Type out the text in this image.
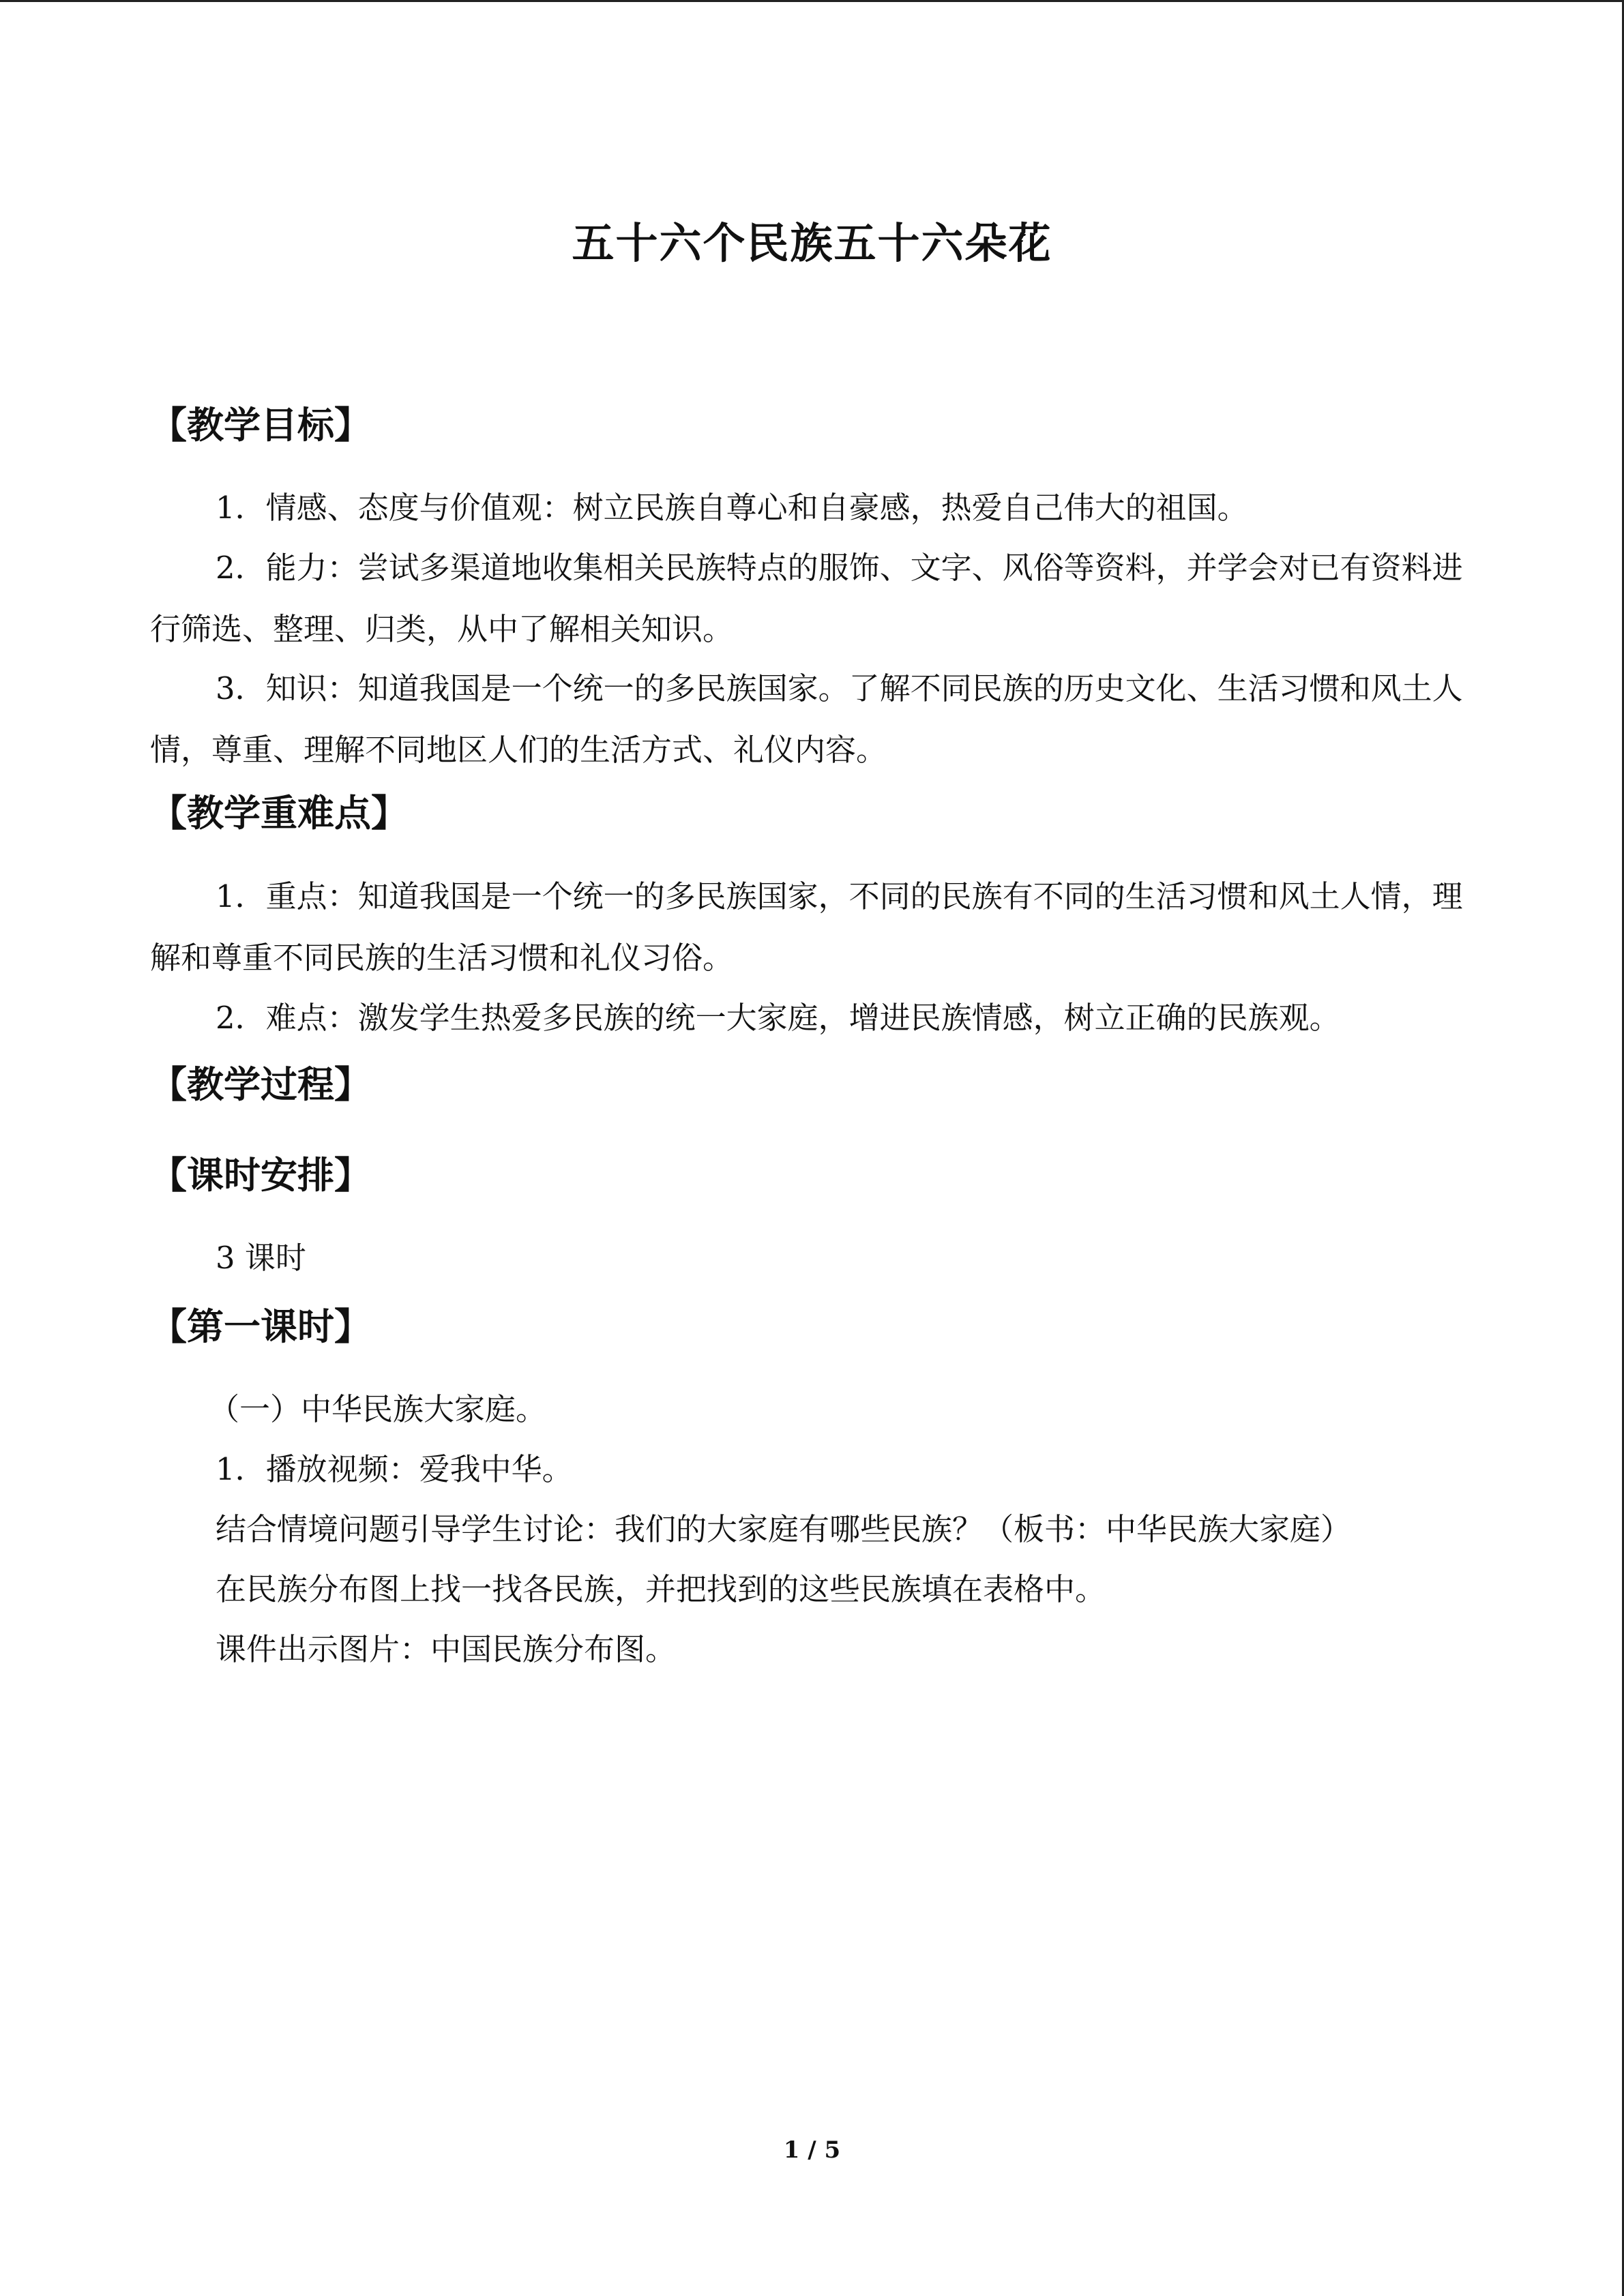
五十六个民族五十六朵花
【教学目标】

1．情感、态度与价值观：树立民族自尊心和自豪感，热爱自己伟大的祖国。

2．能力：尝试多渠道地收集相关民族特点的服饰、文字、风俗等资料，并学会对已有资料进行筛选、整理、归类，从中了解相关知识。

3．知识：知道我国是一个统一的多民族国家。了解不同民族的历史文化、生活习惯和风土人情，尊重、理解不同地区人们的生活方式、礼仪内容。

【教学重难点】

1．重点：知道我国是一个统一的多民族国家，不同的民族有不同的生活习惯和风土人情，理解和尊重不同民族的生活习惯和礼仪习俗。

2．难点：激发学生热爱多民族的统一大家庭，增进民族情感，树立正确的民族观。

【教学过程】
【课时安排】
3 课时
【第一课时】
（一）中华民族大家庭。
1．播放视频：爱我中华。
结合情境问题引导学生讨论：我们的大家庭有哪些民族？（板书：中华民族大家庭）
在民族分布图上找一找各民族，并把找到的这些民族填在表格中。
课件出示图片：中国民族分布图。
1 / 5
